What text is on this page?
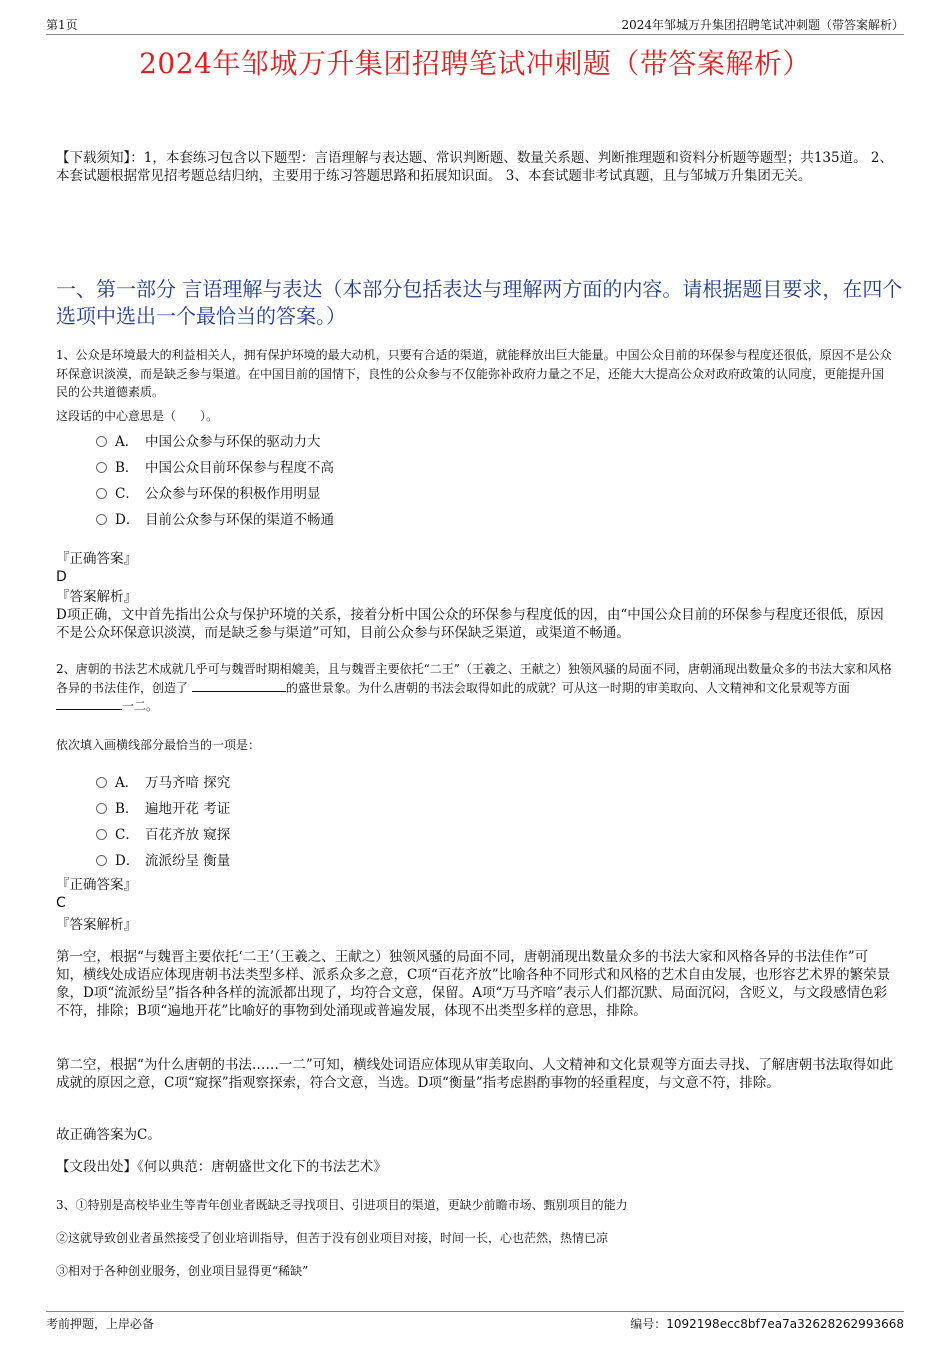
第1页	2024年邹城万升集团招聘笔试冲刺题（带答案解析）
2024年邹城万升集团招聘笔试冲刺题（带答案解析）
【下载须知】：1，本套练习包含以下题型：言语理解与表达题、常识判断题、数量关系题、判断推理题和资料分析题等题型；共135道。 2、本套试题根据常见招考题总结归纳，主要用于练习答题思路和拓展知识面。 3、本套试题非考试真题，且与邹城万升集团无关。
一、第一部分 言语理解与表达（本部分包括表达与理解两方面的内容。请根据题目要求，在四个选项中选出一个最恰当的答案。）
1、公众是环境最大的利益相关人，拥有保护环境的最大动机，只要有合适的渠道，就能释放出巨大能量。中国公众目前的环保参与程度还很低，原因不是公众环保意识淡漠，而是缺乏参与渠道。在中国目前的国情下，良性的公众参与不仅能弥补政府力量之不足，还能大大提高公众对政府政策的认同度，更能提升国民的公共道德素质。
这段话的中心意思是（　　）。
A． 中国公众参与环保的驱动力大
B． 中国公众目前环保参与程度不高
C． 公众参与环保的积极作用明显
D． 目前公众参与环保的渠道不畅通
『正确答案』
D
『答案解析』
D项正确，文中首先指出公众与保护环境的关系，接着分析中国公众的环保参与程度低的因，由“中国公众目前的环保参与程度还很低，原因不是公众环保意识淡漠，而是缺乏参与渠道”可知，目前公众参与环保缺乏渠道，或渠道不畅通。
2、唐朝的书法艺术成就几乎可与魏晋时期相媲美，且与魏晋主要依托“二王”（王羲之、王献之）独领风骚的局面不同，唐朝涌现出数量众多的书法大家和风格各异的书法佳作，创造了	的盛世景象。为什么唐朝的书法会取得如此的成就？可从这一时期的审美取向、人文精神和文化景观等方面 一二。
依次填入画横线部分最恰当的一项是：
A． 万马齐喑 探究
B． 遍地开花 考证
C． 百花齐放 窥探
D． 流派纷呈 衡量
『正确答案』
C
『答案解析』
第一空，根据“与魏晋主要依托‘二王’（王羲之、王献之）独领风骚的局面不同，唐朝涌现出数量众多的书法大家和风格各异的书法佳作”可知，横线处成语应体现唐朝书法类型多样、派系众多之意，C项“百花齐放”比喻各种不同形式和风格的艺术自由发展，也形容艺术界的繁荣景象，D项“流派纷呈”指各种各样的流派都出现了，均符合文意，保留。A项“万马齐喑”表示人们都沉默、局面沉闷，含贬义，与文段感情色彩不符，排除；B项“遍地开花”比喻好的事物到处涌现或普遍发展，体现不出类型多样的意思，排除。
第二空，根据“为什么唐朝的书法……一二”可知，横线处词语应体现从审美取向、人文精神和文化景观等方面去寻找、了解唐朝书法取得如此成就的原因之意，C项“窥探”指观察探索，符合文意，当选。D项“衡量”指考虑斟酌事物的轻重程度，与文意不符，排除。
故正确答案为C。
【文段出处】《何以典范：唐朝盛世文化下的书法艺术》
3、①特别是高校毕业生等青年创业者既缺乏寻找项目、引进项目的渠道，更缺少前瞻市场、甄别项目的能力
②这就导致创业者虽然接受了创业培训指导，但苦于没有创业项目对接，时间一长，心也茫然，热情已凉
③相对于各种创业服务，创业项目显得更“稀缺”
考前押题，上岸必备	编号：1092198ecc8bf7ea7a32628262993668
